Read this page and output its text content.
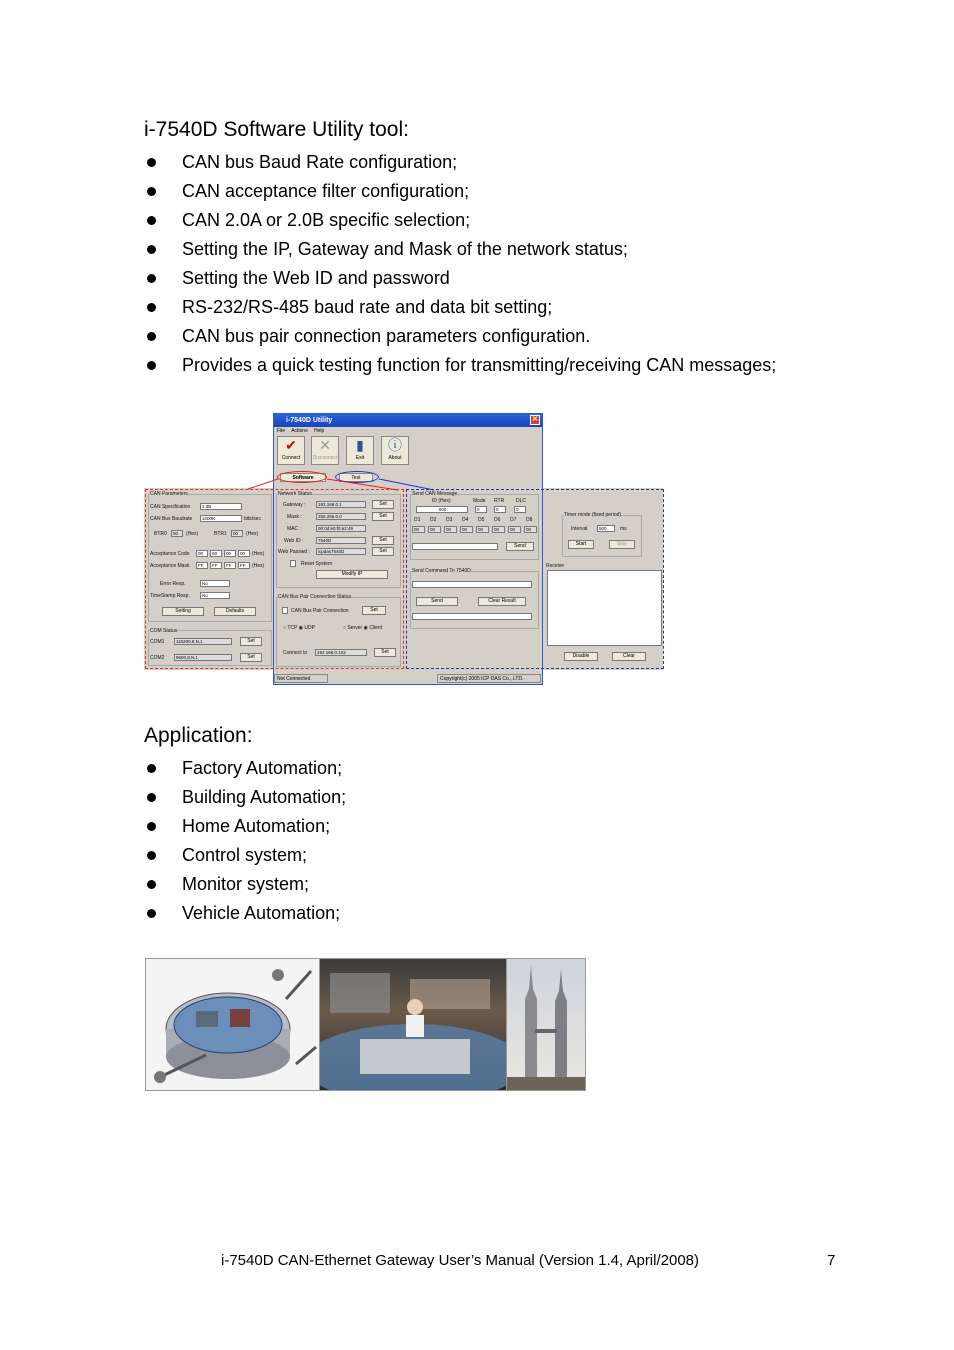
i-7540D Software Utility tool:
CAN bus Baud Rate configuration;
CAN acceptance filter configuration;
CAN 2.0A or 2.0B specific selection;
Setting the IP, Gateway and Mask of the network status;
Setting the Web ID and password
RS-232/RS-485 baud rate and data bit setting;
CAN bus pair connection parameters configuration.
Provides a quick testing function for transmitting/receiving CAN messages;
i-7540D Utility	✕
File Actions Help
✔
Connect
✕
Disconnect
▮
Exit
ⓘ
About
Software	Test
CAN Parameters
CAN Specification	2.0B
CAN Bus Baudrate	1000K	bits/sec
BTR0	00	(Hex)	BTR1	00	(Hex)
Acceptance Code	00	00	00	00	(Hex)
Acceptance Mask	FF	FF	FF	FF	(Hex)
Error Resp.	No
TimeStamp Resp.	No
Setting	Defaults
COM Status
COM1	115200,8,N,1	Set
COM2	9600,8,N,1	Set
Network Status
Gateway :	192.168.0.1	Set
Mask :	255.255.0.0	Set
MAC :	00:0d:e0:f0:a2:49
Web ID :	7540D	Set
Web Passwd :	icpdas7540D	Set
Reset System
Modify IP
CAN Bus Pair Connection Status
CAN Bus Pair Connection	Set
○ TCP ◉ UDP	○ Server ◉ Client
Connect to	192.168.0.102	Set
Send CAN Message
ID (Hex)	Mode RTR DLC
000	0	0	0
D1
00
D2
00
D3
00
D4
00
D5
00
D6
00
D7
00
D8
00
Send
Timer mode (fixed period)
Interval	500	ms
Start	Stop
Send Command To 7540D
Send	Clear Result
Receive
Disable	Clear
Not Connected	Copyright(c) 2005 ICP DAS Co., LTD.
Application:
Factory Automation;
Building Automation;
Home Automation;
Control system;
Monitor system;
Vehicle Automation;
i-7540D CAN-Ethernet Gateway User’s Manual (Version 1.4, April/2008)	7
